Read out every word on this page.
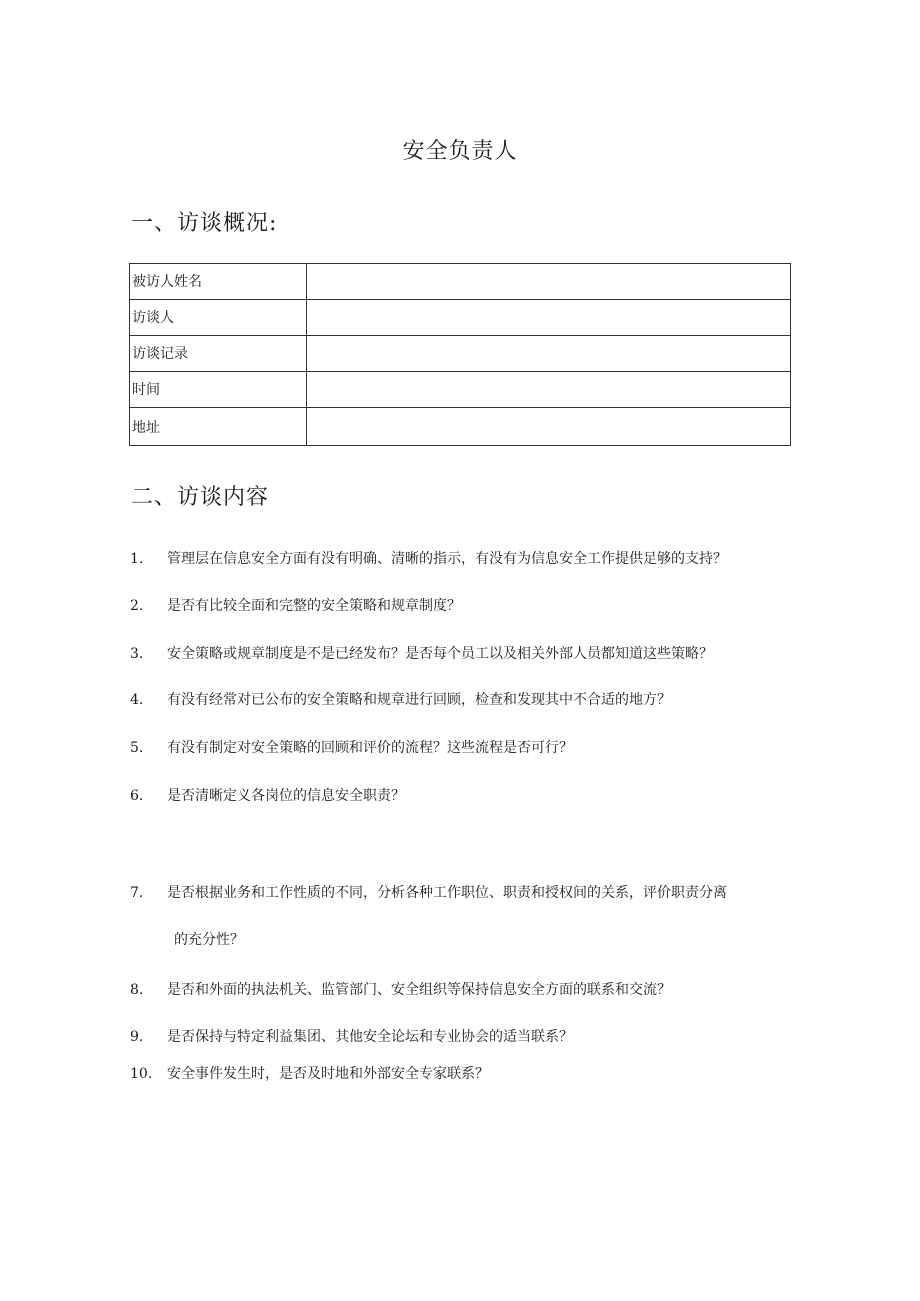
安全负责人
一、访谈概况:
被访人姓名	
访谈人	
访谈记录	
时间	
地址	
二、访谈内容
1. 管理层在信息安全方面有没有明确、清晰的指示，有没有为信息安全工作提供足够的支持？
2. 是否有比较全面和完整的安全策略和规章制度？
3. 安全策略或规章制度是不是已经发布？是否每个员工以及相关外部人员都知道这些策略？
4. 有没有经常对已公布的安全策略和规章进行回顾，检查和发现其中不合适的地方？
5. 有没有制定对安全策略的回顾和评价的流程？这些流程是否可行？
6. 是否清晰定义各岗位的信息安全职责？
7. 是否根据业务和工作性质的不同，分析各种工作职位、职责和授权间的关系，评价职责分离
的充分性？
8. 是否和外面的执法机关、监管部门、安全组织等保持信息安全方面的联系和交流？
9. 是否保持与特定利益集团、其他安全论坛和专业协会的适当联系？
10. 安全事件发生时，是否及时地和外部安全专家联系？
